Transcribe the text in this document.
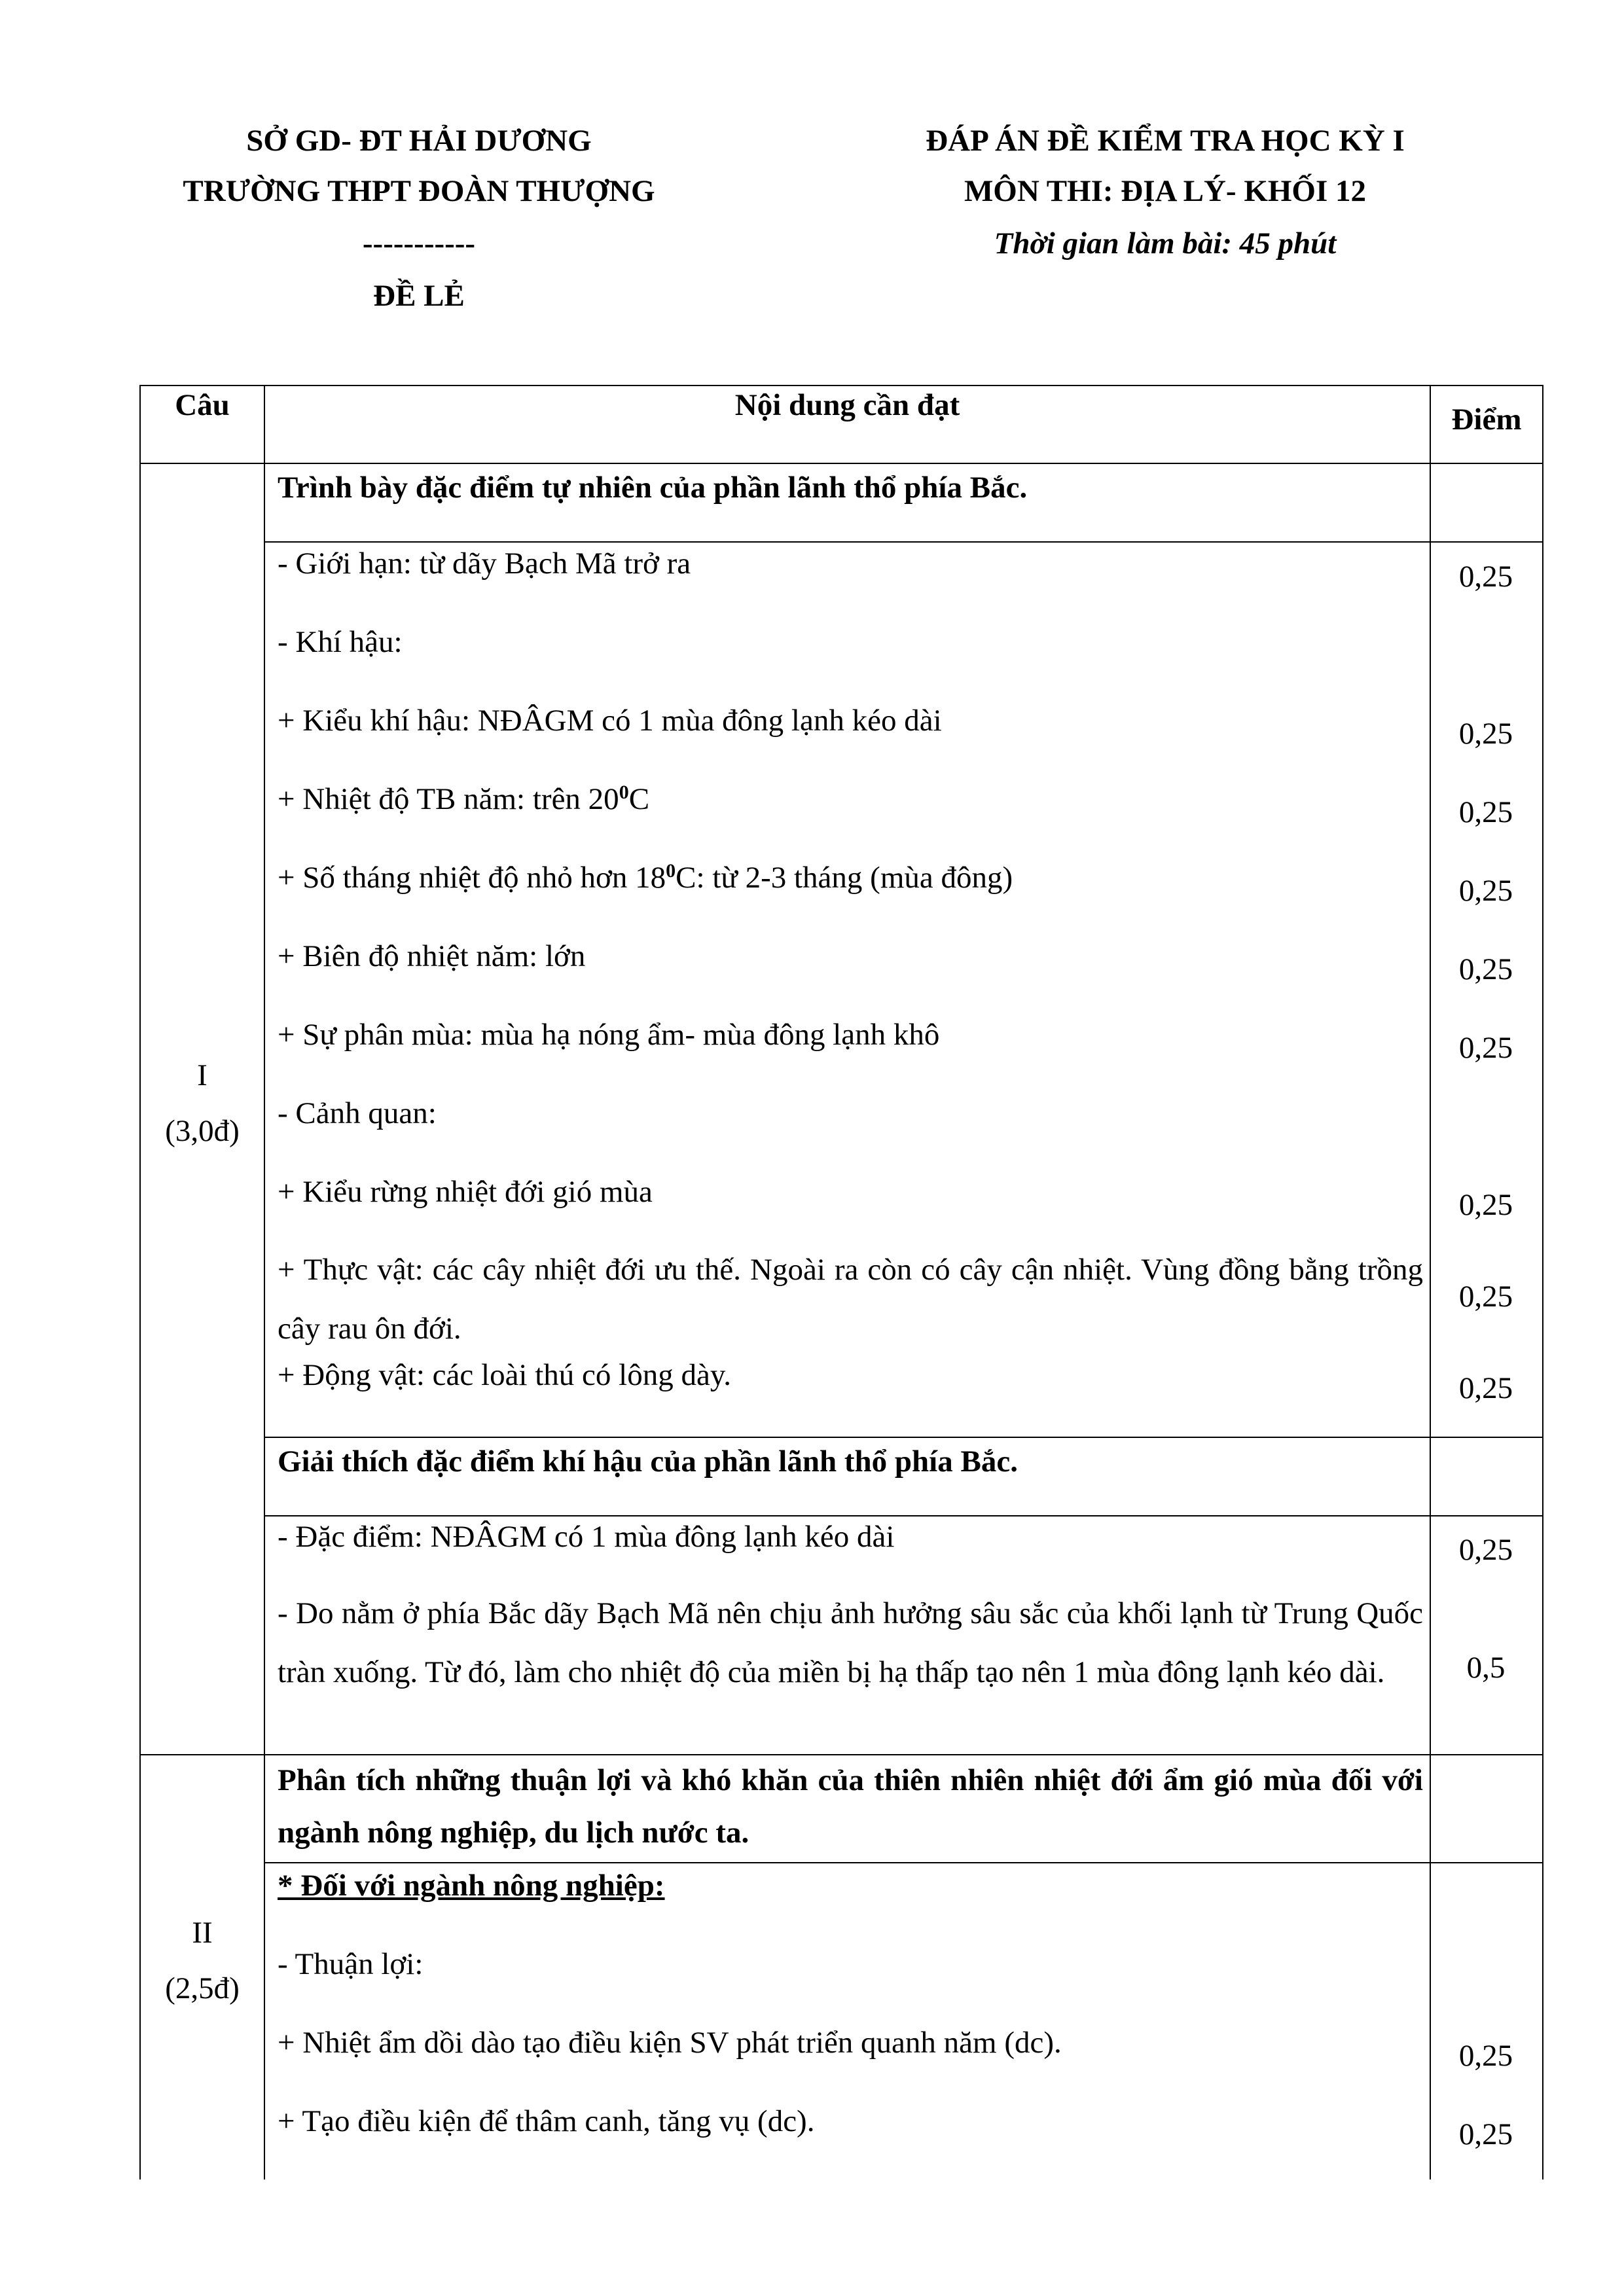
SỞ GD- ĐT HẢI DƯƠNG
TRƯỜNG THPT ĐOÀN THƯỢNG
-----------
ĐỀ LẺ
ĐÁP ÁN ĐỀ KIỂM TRA HỌC KỲ I
MÔN THI: ĐỊA LÝ- KHỐI 12
Thời gian làm bài: 45 phút
Câu	Nội dung cần đạt	Điểm
I
(3,0đ)
Trình bày đặc điểm tự nhiên của phần lãnh thổ phía Bắc.
- Giới hạn: từ dãy Bạch Mã trở ra
- Khí hậu:
+ Kiểu khí hậu: NĐÂGM có 1 mùa đông lạnh kéo dài
+ Nhiệt độ TB năm: trên $20^0C$
+ Số tháng nhiệt độ nhỏ hơn $18^0C$: từ 2-3 tháng (mùa đông)
+ Biên độ nhiệt năm: lớn
+ Sự phân mùa: mùa hạ nóng ẩm- mùa đông lạnh khô
- Cảnh quan:
+ Kiểu rừng nhiệt đới gió mùa
+ Thực vật: các cây nhiệt đới ưu thế. Ngoài ra còn có cây cận nhiệt. Vùng đồng bằng trồng cây rau ôn đới.
+ Động vật: các loài thú có lông dày.
0,25
0,25
0,25
0,25
0,25
0,25
0,25
0,25
0,25
Giải thích đặc điểm khí hậu của phần lãnh thổ phía Bắc.
- Đặc điểm: NĐÂGM có 1 mùa đông lạnh kéo dài
- Do nằm ở phía Bắc dãy Bạch Mã nên chịu ảnh hưởng sâu sắc của khối lạnh từ Trung Quốc tràn xuống. Từ đó, làm cho nhiệt độ của miền bị hạ thấp tạo nên 1 mùa đông lạnh kéo dài.
0,25
0,5
II
(2,5đ)
Phân tích những thuận lợi và khó khăn của thiên nhiên nhiệt đới ẩm gió mùa đối với ngành nông nghiệp, du lịch nước ta.
* Đối với ngành nông nghiệp:
- Thuận lợi:
+ Nhiệt ẩm dồi dào tạo điều kiện SV phát triển quanh năm (dc).
+ Tạo điều kiện để thâm canh, tăng vụ (dc).
0,25
0,25
